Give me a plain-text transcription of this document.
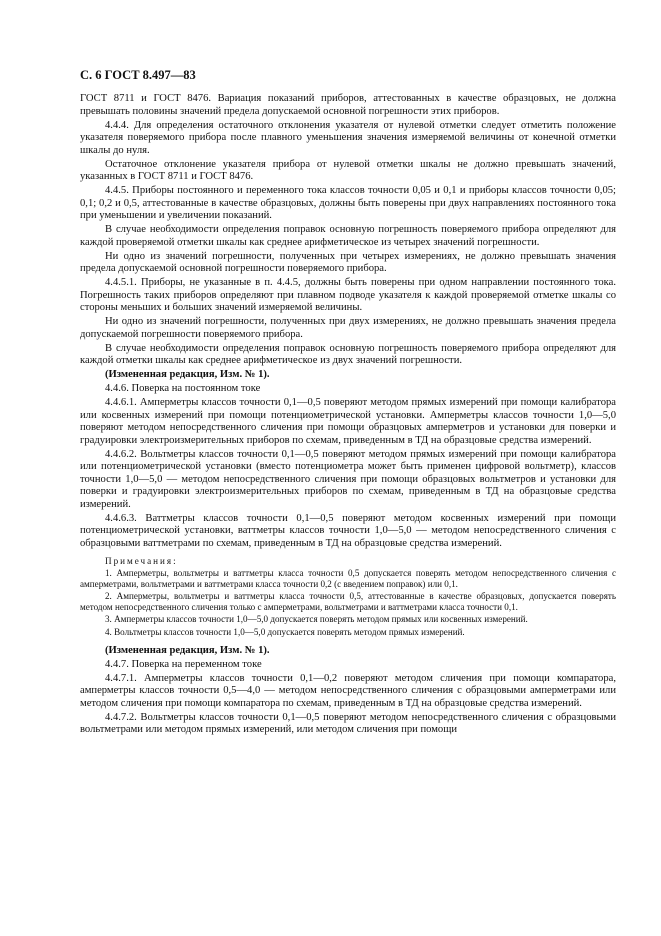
С. 6 ГОСТ 8.497—83

ГОСТ 8711 и ГОСТ 8476. Вариация показаний приборов, аттестованных в качестве образцовых, не должна превышать половины значений предела допускаемой основной погрешности этих приборов.

4.4.4. Для определения остаточного отклонения указателя от нулевой отметки следует отметить положение указателя поверяемого прибора после плавного уменьшения значения измеряемой величины от конечной отметки шкалы до нуля.

Остаточное отклонение указателя прибора от нулевой отметки шкалы не должно превышать значений, указанных в ГОСТ 8711 и ГОСТ 8476.

4.4.5. Приборы постоянного и переменного тока классов точности 0,05 и 0,1 и приборы классов точности 0,05; 0,1; 0,2 и 0,5, аттестованные в качестве образцовых, должны быть поверены при двух направлениях постоянного тока при уменьшении и увеличении показаний.

В случае необходимости определения поправок основную погрешность поверяемого прибора определяют для каждой проверяемой отметки шкалы как среднее арифметическое из четырех значений погрешности.

Ни одно из значений погрешности, полученных при четырех измерениях, не должно превышать значения предела допускаемой основной погрешности поверяемого прибора.

4.4.5.1. Приборы, не указанные в п. 4.4.5, должны быть поверены при одном направлении постоянного тока. Погрешность таких приборов определяют при плавном подводе указателя к каждой проверяемой отметке шкалы со стороны меньших и больших значений измеряемой величины.

Ни одно из значений погрешности, полученных при двух измерениях, не должно превышать значения предела допускаемой погрешности поверяемого прибора.

В случае необходимости определения поправок основную погрешность поверяемого прибора определяют для каждой отметки шкалы как среднее арифметическое из двух значений погрешности.

(Измененная редакция, Изм. № 1).

4.4.6. Поверка на постоянном токе

4.4.6.1. Амперметры классов точности 0,1—0,5 поверяют методом прямых измерений при помощи калибратора или косвенных измерений при помощи потенциометрической установки. Амперметры классов точности 1,0—5,0 поверяют методом непосредственного сличения при помощи образцовых амперметров и установки для поверки и градуировки электроизмерительных приборов по схемам, приведенным в ТД на образцовые средства измерений.

4.4.6.2. Вольтметры классов точности 0,1—0,5 поверяют методом прямых измерений при помощи калибратора или потенциометрической установки (вместо потенциометра может быть применен цифровой вольтметр), классов точности 1,0—5,0 — методом непосредственного сличения при помощи образцовых вольтметров и установки для поверки и градуировки электроизмерительных приборов по схемам, приведенным в ТД на образцовые средства измерений.

4.4.6.3. Ваттметры классов точности 0,1—0,5 поверяют методом косвенных измерений при помощи потенциометрической установки, ваттметры классов точности 1,0—5,0 — методом непосредственного сличения с образцовыми ваттметрами по схемам, приведенным в ТД на образцовые средства измерений.

Примечания:

1. Амперметры, вольтметры и ваттметры класса точности 0,5 допускается поверять методом непосредственного сличения с амперметрами, вольтметрами и ваттметрами класса точности 0,2 (с введением поправок) или 0,1.

2. Амперметры, вольтметры и ваттметры класса точности 0,5, аттестованные в качестве образцовых, допускается поверять методом непосредственного сличения только с амперметрами, вольтметрами и ваттметрами класса точности 0,1.

3. Амперметры классов точности 1,0—5,0 допускается поверять методом прямых или косвенных измерений.

4. Вольтметры классов точности 1,0—5,0 допускается поверять методом прямых измерений.

(Измененная редакция, Изм. № 1).

4.4.7. Поверка на переменном токе

4.4.7.1. Амперметры классов точности 0,1—0,2 поверяют методом сличения при помощи компаратора, амперметры классов точности 0,5—4,0 — методом непосредственного сличения с образцовыми амперметрами или методом сличения при помощи компаратора по схемам, приведенным в ТД на образцовые средства измерений.

4.4.7.2. Вольтметры классов точности 0,1—0,5 поверяют методом непосредственного сличения с образцовыми вольтметрами или методом прямых измерений, или методом сличения при помощи
